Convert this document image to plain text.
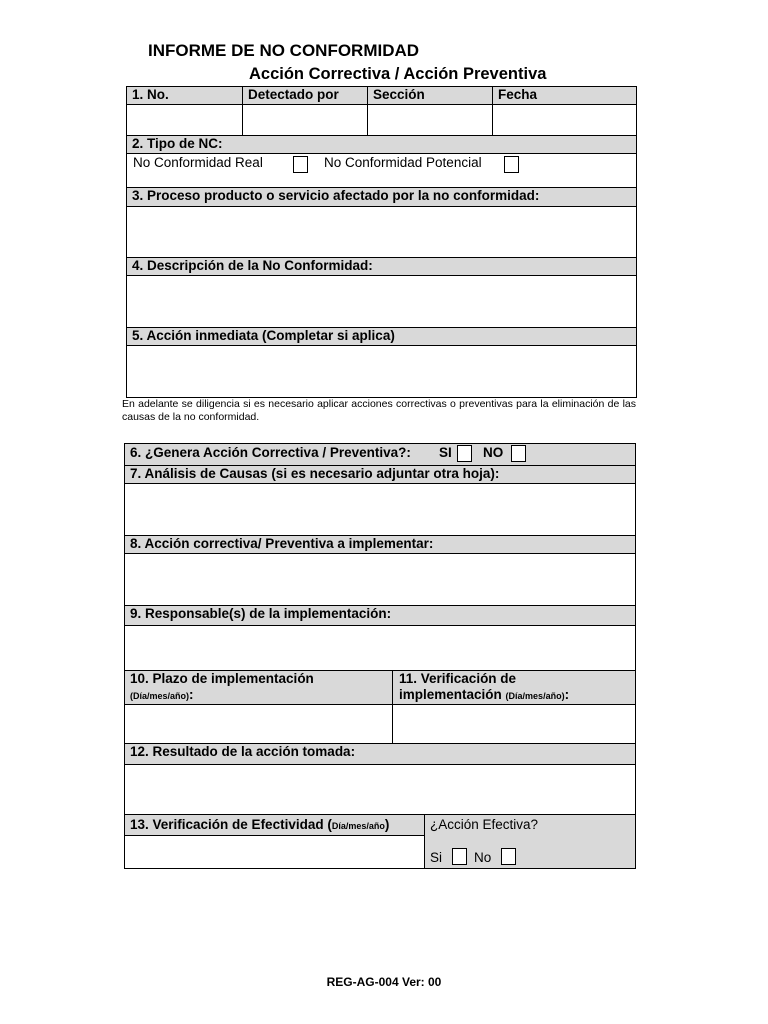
INFORME DE NO CONFORMIDAD
Acción Correctiva / Acción Preventiva
1. No.	Detectado por	Sección	Fecha
2. Tipo de NC:
No Conformidad Real	No Conformidad Potencial
3. Proceso producto o servicio afectado por la no conformidad:
4. Descripción de la No Conformidad:
5. Acción inmediata (Completar si aplica)
En adelante se diligencia si es necesario aplicar acciones correctivas o preventivas para la eliminación de las causas de la no conformidad.
6. ¿Genera Acción Correctiva / Preventiva?:	SI	NO
7. Análisis de Causas (si es necesario adjuntar otra hoja):
8. Acción correctiva/ Preventiva a implementar:
9. Responsable(s) de la implementación:
10. Plazo de implementación
(Día/mes/año):
11. Verificación de
implementación (Día/mes/año):
12. Resultado de la acción tomada:
13. Verificación de Efectividad (Día/mes/año)	¿Acción Efectiva?
Si No
REG-AG-004 Ver: 00
